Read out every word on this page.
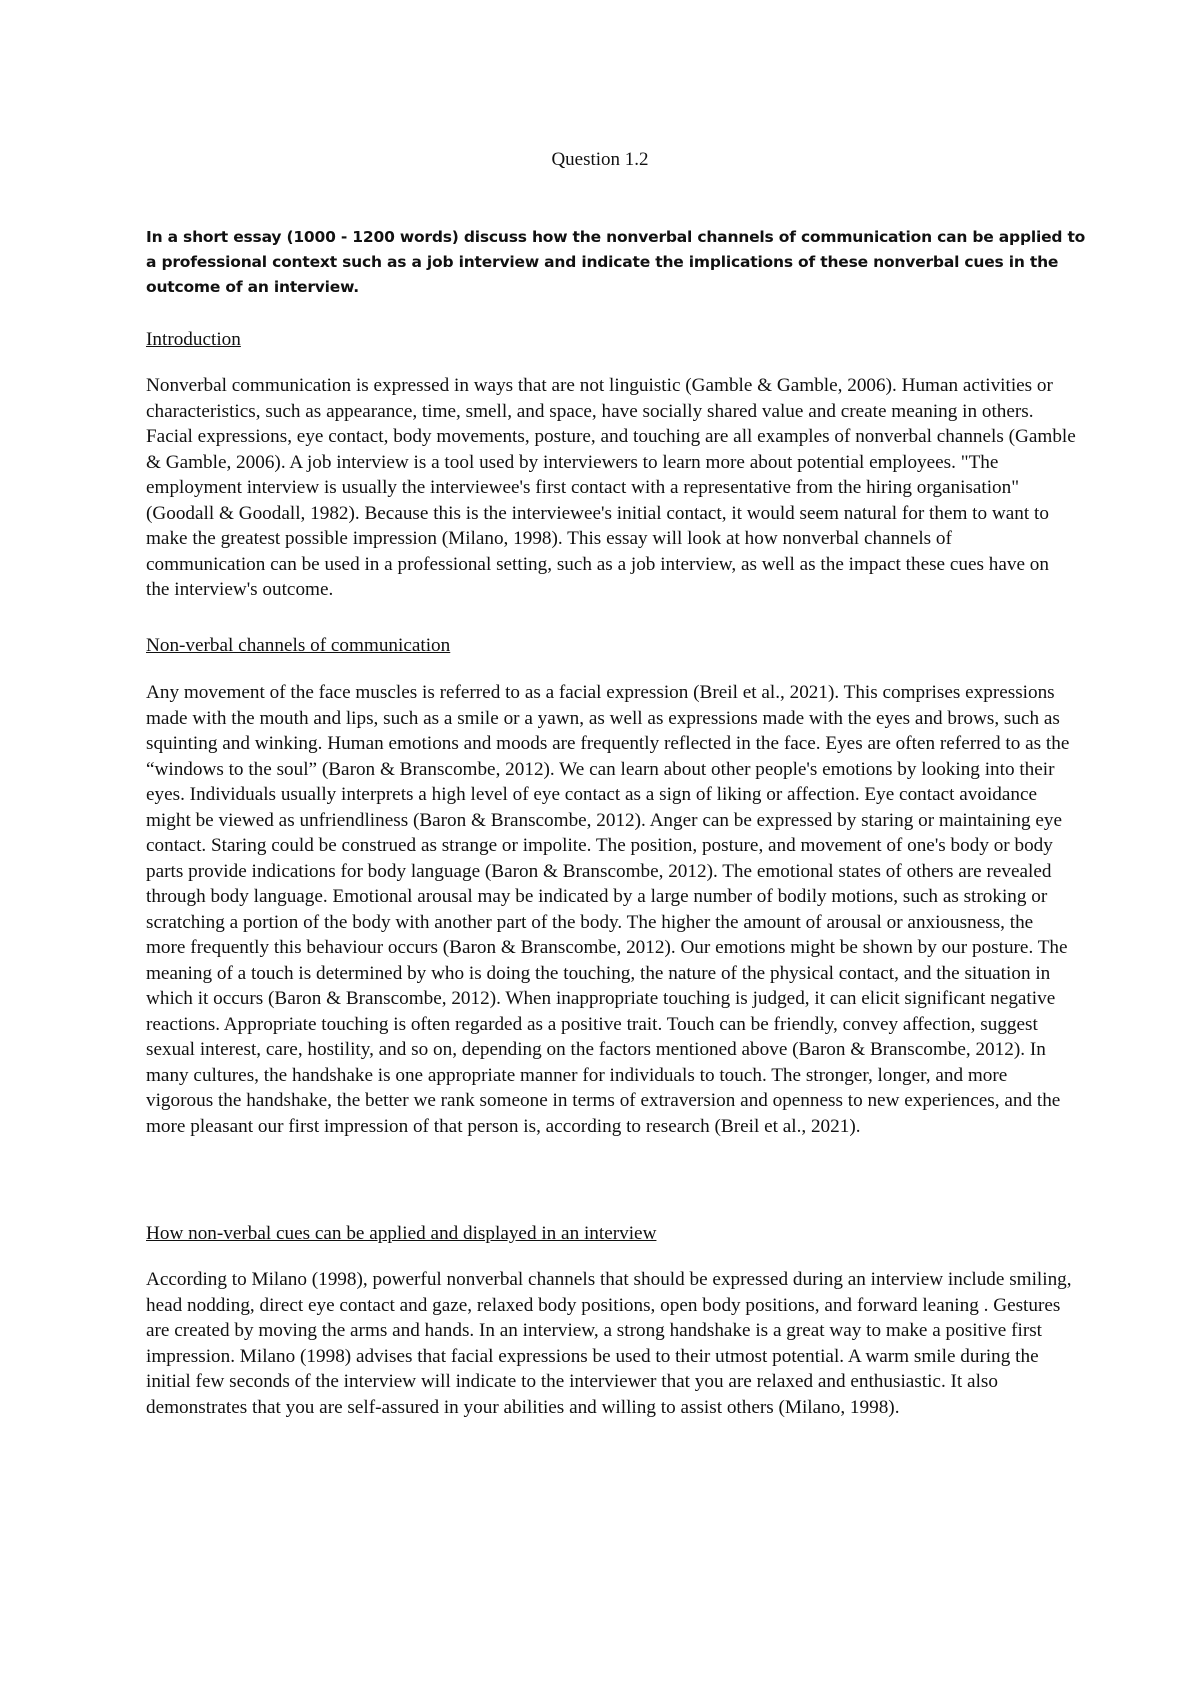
Question 1.2
In a short essay (1000 - 1200 words) discuss how the nonverbal channels of communication can be applied to a professional context such as a job interview and indicate the implications of these nonverbal cues in the outcome of an interview.
Introduction

Nonverbal communication is expressed in ways that are not linguistic (Gamble & Gamble, 2006). Human activities or characteristics, such as appearance, time, smell, and space, have socially shared value and create meaning in others. Facial expressions, eye contact, body movements, posture, and touching are all examples of nonverbal channels (Gamble & Gamble, 2006). A job interview is a tool used by interviewers to learn more about potential employees. "The employment interview is usually the interviewee's first contact with a representative from the hiring organisation" (Goodall & Goodall, 1982). Because this is the interviewee's initial contact, it would seem natural for them to want to make the greatest possible impression (Milano, 1998). This essay will look at how nonverbal channels of communication can be used in a professional setting, such as a job interview, as well as the impact these cues have on the interview's outcome.

Non-verbal channels of communication

Any movement of the face muscles is referred to as a facial expression (Breil et al., 2021). This comprises expressions made with the mouth and lips, such as a smile or a yawn, as well as expressions made with the eyes and brows, such as squinting and winking. Human emotions and moods are frequently reflected in the face. Eyes are often referred to as the “windows to the soul” (Baron & Branscombe, 2012). We can learn about other people's emotions by looking into their eyes. Individuals usually interprets a high level of eye contact as a sign of liking or affection. Eye contact avoidance might be viewed as unfriendliness (Baron & Branscombe, 2012). Anger can be expressed by staring or maintaining eye contact. Staring could be construed as strange or impolite. The position, posture, and movement of one's body or body parts provide indications for body language (Baron & Branscombe, 2012). The emotional states of others are revealed through body language. Emotional arousal may be indicated by a large number of bodily motions, such as stroking or scratching a portion of the body with another part of the body. The higher the amount of arousal or anxiousness, the more frequently this behaviour occurs (Baron & Branscombe, 2012). Our emotions might be shown by our posture. The meaning of a touch is determined by who is doing the touching, the nature of the physical contact, and the situation in which it occurs (Baron & Branscombe, 2012). When inappropriate touching is judged, it can elicit significant negative reactions. Appropriate touching is often regarded as a positive trait. Touch can be friendly, convey affection, suggest sexual interest, care, hostility, and so on, depending on the factors mentioned above (Baron & Branscombe, 2012). In many cultures, the handshake is one appropriate manner for individuals to touch. The stronger, longer, and more vigorous the handshake, the better we rank someone in terms of extraversion and openness to new experiences, and the more pleasant our first impression of that person is, according to research (Breil et al., 2021).

How non-verbal cues can be applied and displayed in an interview

According to Milano (1998), powerful nonverbal channels that should be expressed during an interview include smiling, head nodding, direct eye contact and gaze, relaxed body positions, open body positions, and forward leaning . Gestures are created by moving the arms and hands. In an interview, a strong handshake is a great way to make a positive first impression. Milano (1998) advises that facial expressions be used to their utmost potential. A warm smile during the initial few seconds of the interview will indicate to the interviewer that you are relaxed and enthusiastic. It also demonstrates that you are self-assured in your abilities and willing to assist others (Milano, 1998).
